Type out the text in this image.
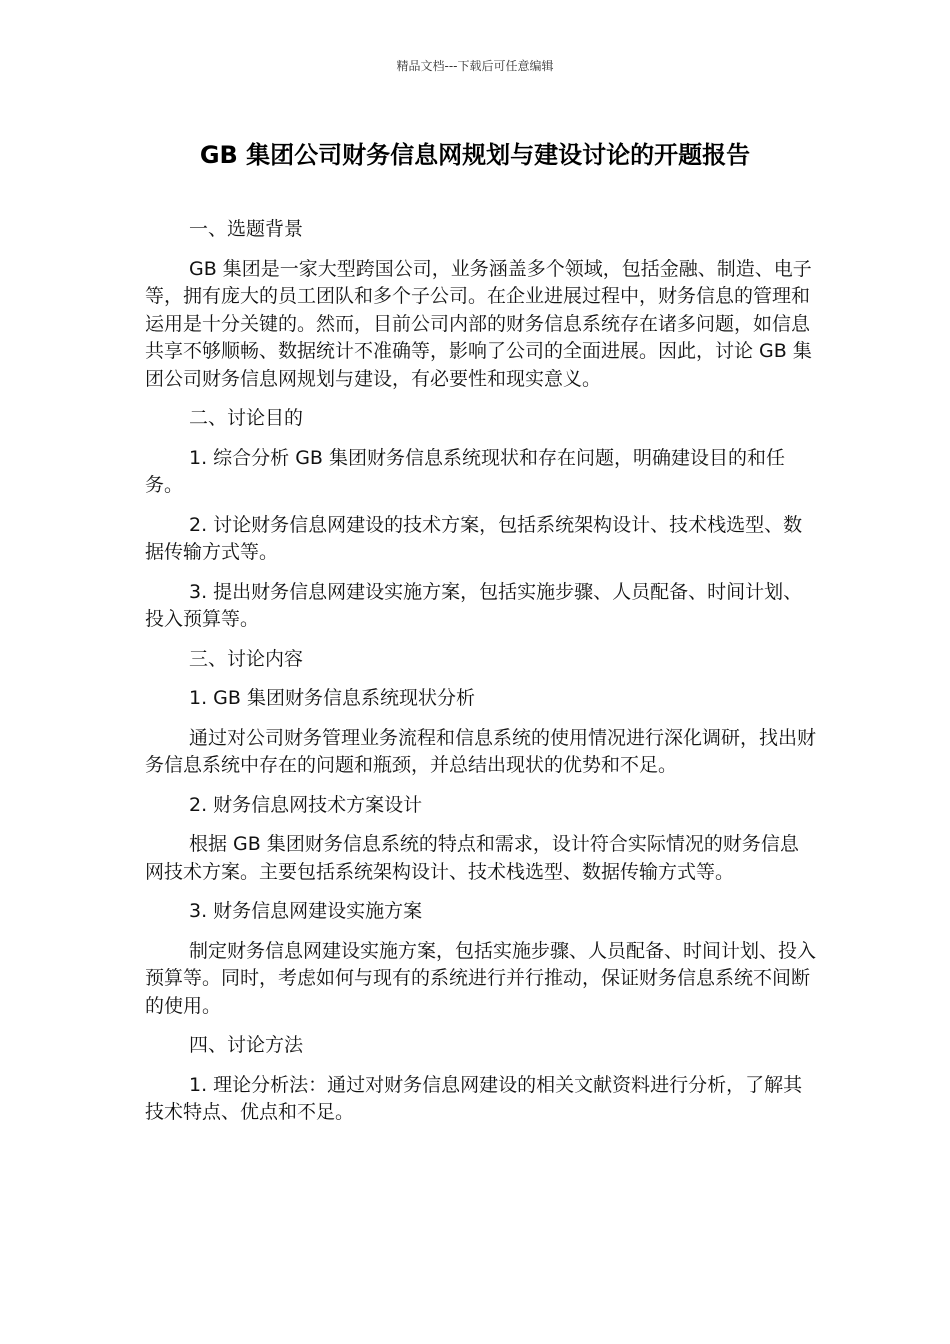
精品文档---下载后可任意编辑
GB 集团公司财务信息网规划与建设讨论的开题报告

一、选题背景

GB 集团是一家大型跨国公司，业务涵盖多个领域，包括金融、制造、电子等，拥有庞大的员工团队和多个子公司。在企业进展过程中，财务信息的管理和运用是十分关键的。然而，目前公司内部的财务信息系统存在诸多问题，如信息共享不够顺畅、数据统计不准确等，影响了公司的全面进展。因此，讨论 GB 集团公司财务信息网规划与建设，有必要性和现实意义。

二、讨论目的

1. 综合分析 GB 集团财务信息系统现状和存在问题，明确建设目的和任务。

2. 讨论财务信息网建设的技术方案，包括系统架构设计、技术栈选型、数据传输方式等。

3. 提出财务信息网建设实施方案，包括实施步骤、人员配备、时间计划、投入预算等。

三、讨论内容

1. GB 集团财务信息系统现状分析

通过对公司财务管理业务流程和信息系统的使用情况进行深化调研，找出财务信息系统中存在的问题和瓶颈，并总结出现状的优势和不足。

2. 财务信息网技术方案设计

根据 GB 集团财务信息系统的特点和需求，设计符合实际情况的财务信息网技术方案。主要包括系统架构设计、技术栈选型、数据传输方式等。

3. 财务信息网建设实施方案

制定财务信息网建设实施方案，包括实施步骤、人员配备、时间计划、投入预算等。同时，考虑如何与现有的系统进行并行推动，保证财务信息系统不间断的使用。

四、讨论方法

1. 理论分析法：通过对财务信息网建设的相关文献资料进行分析，了解其技术特点、优点和不足。
